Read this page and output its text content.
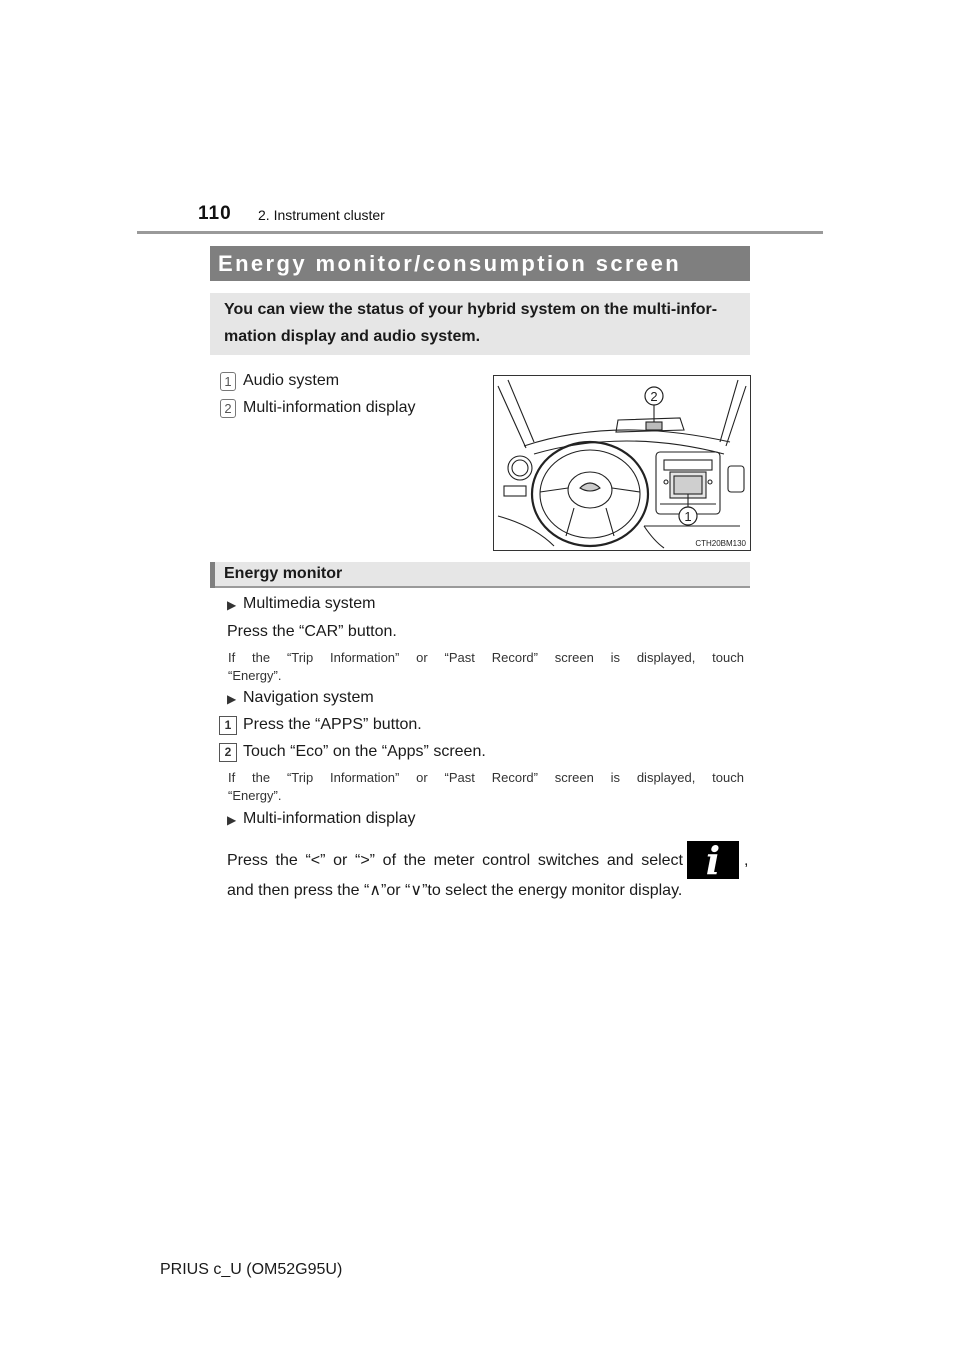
110 2. Instrument cluster
Energy monitor/consumption screen
You can view the status of your hybrid system on the multi-infor-
mation display and audio system.
1 Audio system
2 Multi-information display
2
1
CTH20BM130
Energy monitor
▶ Multimedia system
Press the “CAR” button.
If the “Trip Information” or “Past Record” screen is displayed, touch
“Energy”.
▶ Navigation system
1 Press the “APPS” button.
2 Touch “Eco” on the “Apps” screen.
If the “Trip Information” or “Past Record” screen is displayed, touch
“Energy”.
▶ Multi-information display
Press the “<” or “>” of the meter control switches and select i	,
and then press the “∧”or “∨”to select the energy monitor display.
PRIUS c_U (OM52G95U)
